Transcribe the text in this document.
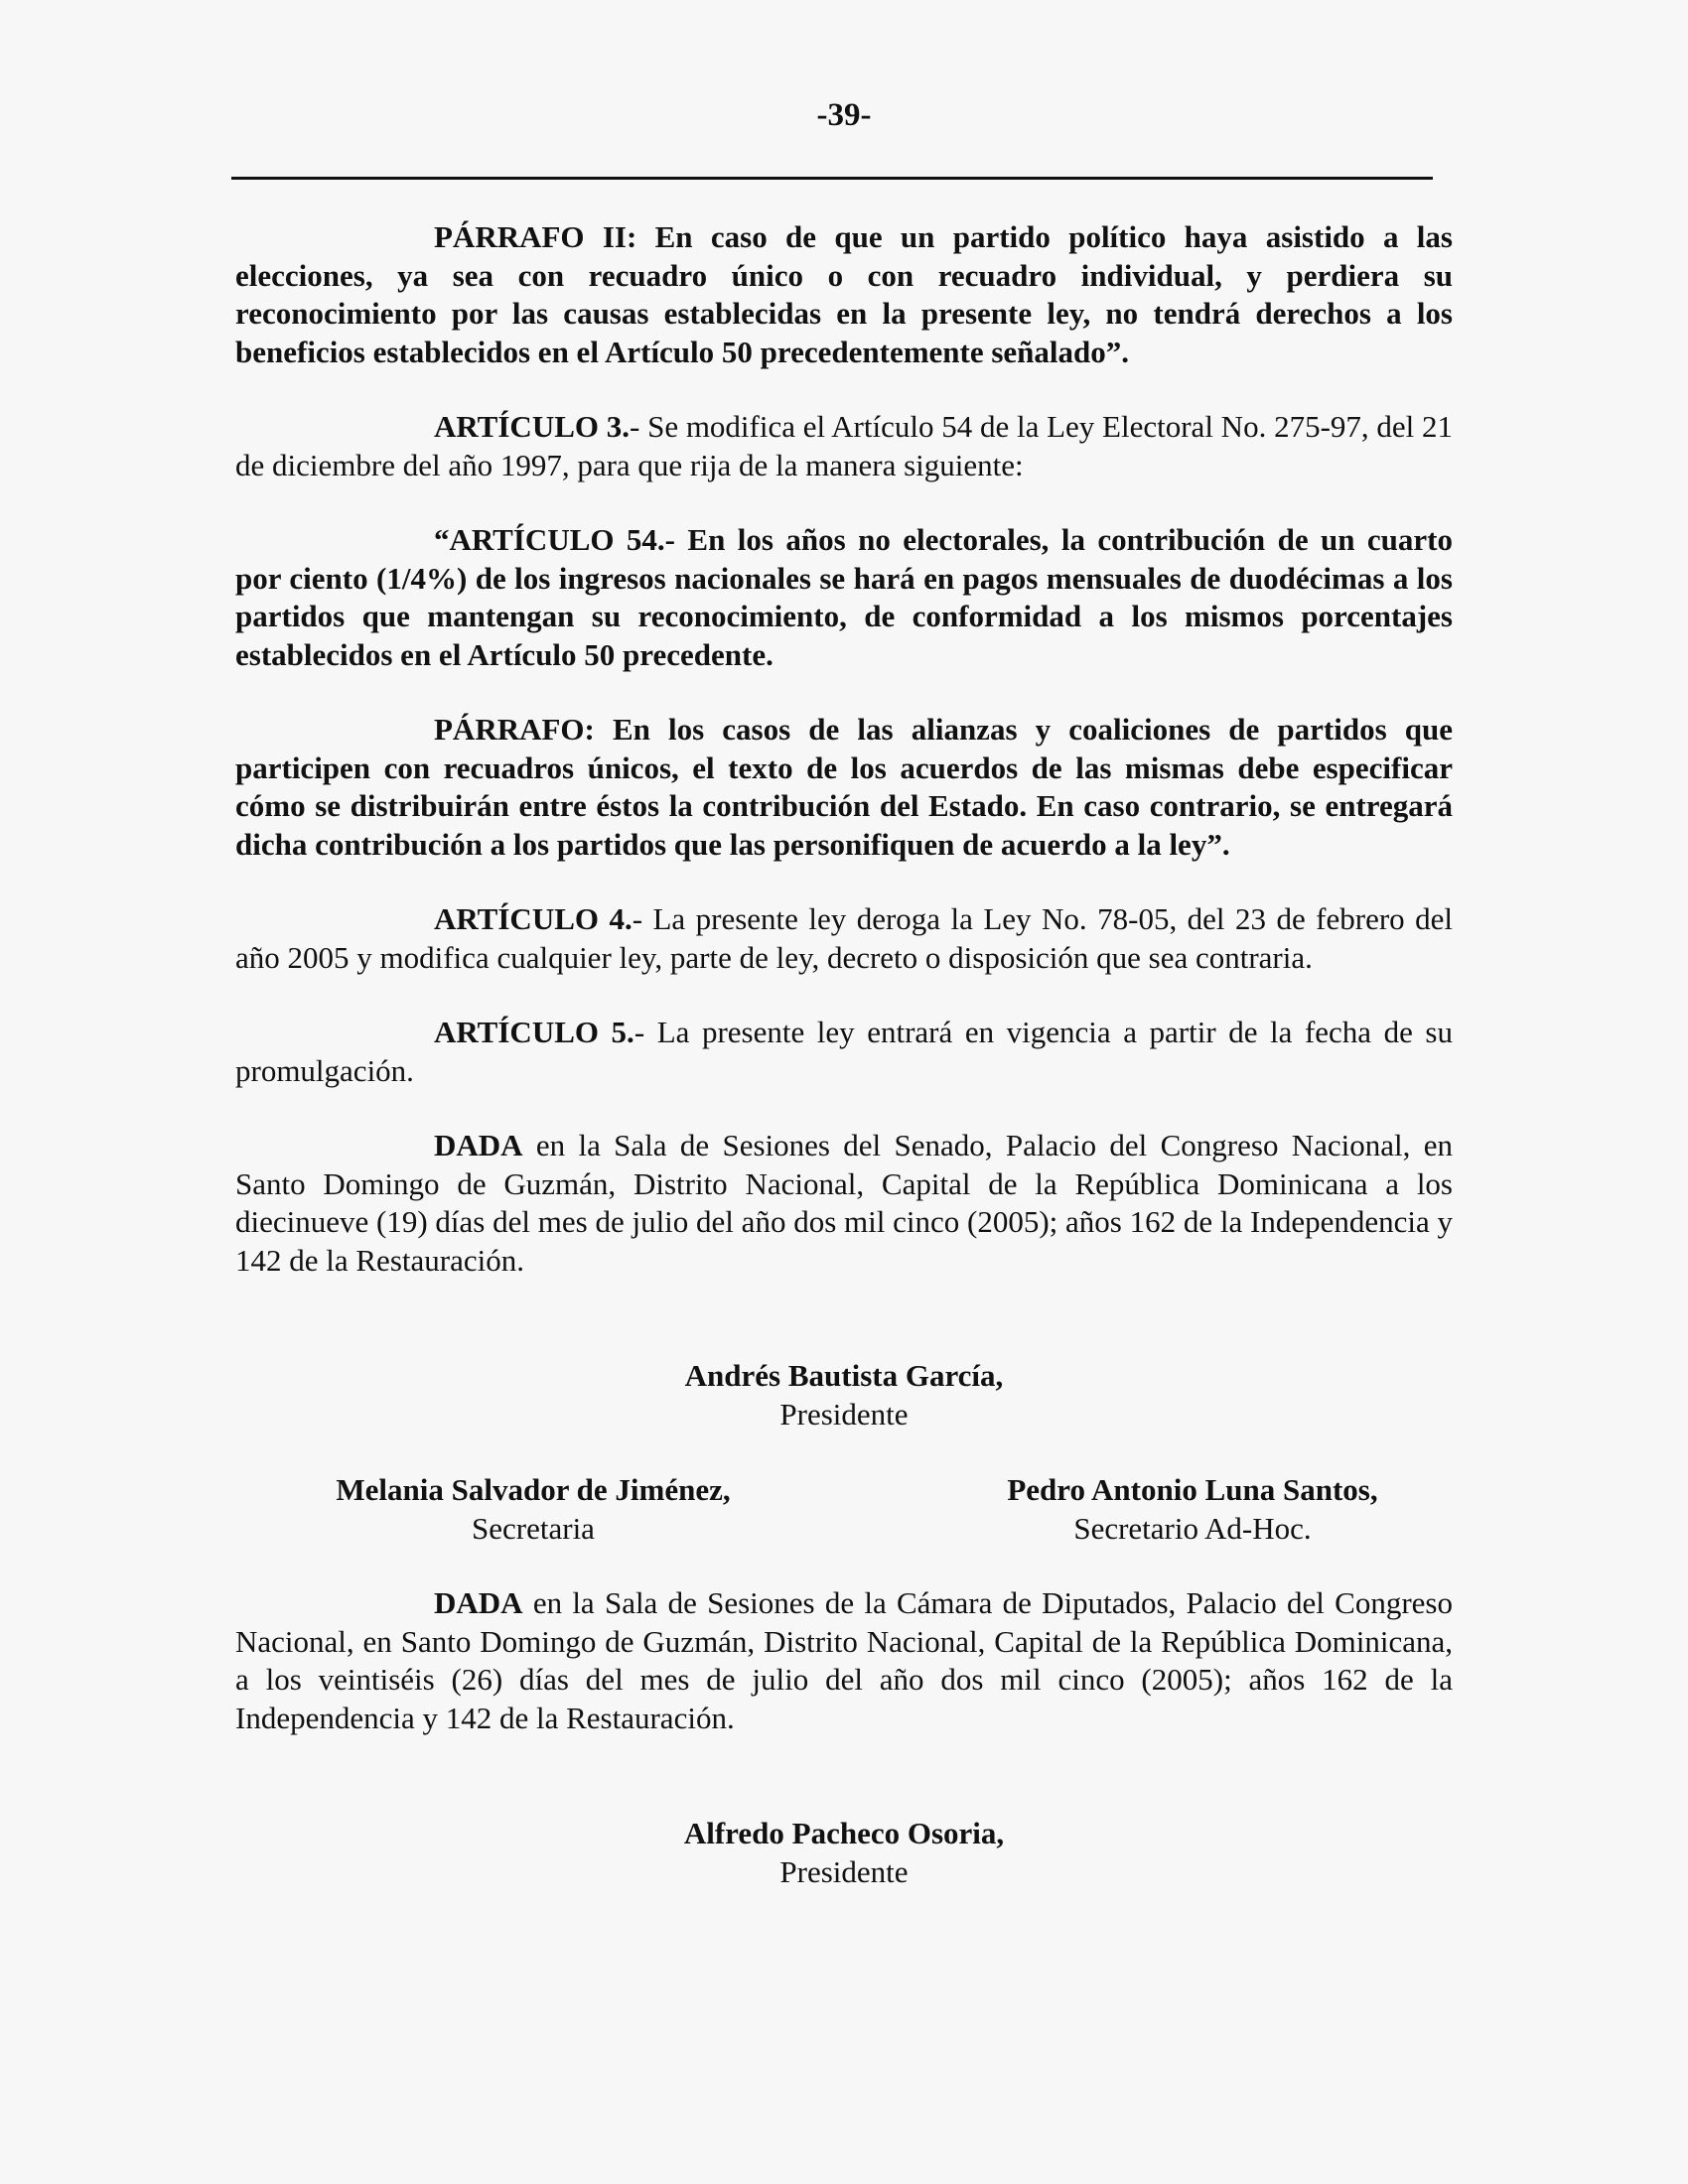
-39-

PÁRRAFO II: En caso de que un partido político haya asistido a las elecciones, ya sea con recuadro único o con recuadro individual, y perdiera su reconocimiento por las causas establecidas en la presente ley, no tendrá derechos a los beneficios establecidos en el Artículo 50 precedentemente señalado”.

ARTÍCULO 3.- Se modifica el Artículo 54 de la Ley Electoral No. 275-97, del 21 de diciembre del año 1997, para que rija de la manera siguiente:

“ARTÍCULO 54.- En los años no electorales, la contribución de un cuarto por ciento (1/4%) de los ingresos nacionales se hará en pagos mensuales de duodécimas a los partidos que mantengan su reconocimiento, de conformidad a los mismos porcentajes establecidos en el Artículo 50 precedente.

PÁRRAFO: En los casos de las alianzas y coaliciones de partidos que participen con recuadros únicos, el texto de los acuerdos de las mismas debe especificar cómo se distribuirán entre éstos la contribución del Estado. En caso contrario, se entregará dicha contribución a los partidos que las personifiquen de acuerdo a la ley”.

ARTÍCULO 4.- La presente ley deroga la Ley No. 78-05, del 23 de febrero del año 2005 y modifica cualquier ley, parte de ley, decreto o disposición que sea contraria.

ARTÍCULO 5.- La presente ley entrará en vigencia a partir de la fecha de su promulgación.

DADA en la Sala de Sesiones del Senado, Palacio del Congreso Nacional, en Santo Domingo de Guzmán, Distrito Nacional, Capital de la República Dominicana a los diecinueve (19) días del mes de julio del año dos mil cinco (2005); años 162 de la Independencia y 142 de la Restauración.

Andrés Bautista García,
Presidente
Melania Salvador de Jiménez,
Secretaria
Pedro Antonio Luna Santos,
Secretario Ad-Hoc.

DADA en la Sala de Sesiones de la Cámara de Diputados, Palacio del Congreso Nacional, en Santo Domingo de Guzmán, Distrito Nacional, Capital de la República Dominicana, a los veintiséis (26) días del mes de julio del año dos mil cinco (2005); años 162 de la Independencia y 142 de la Restauración.

Alfredo Pacheco Osoria,
Presidente
